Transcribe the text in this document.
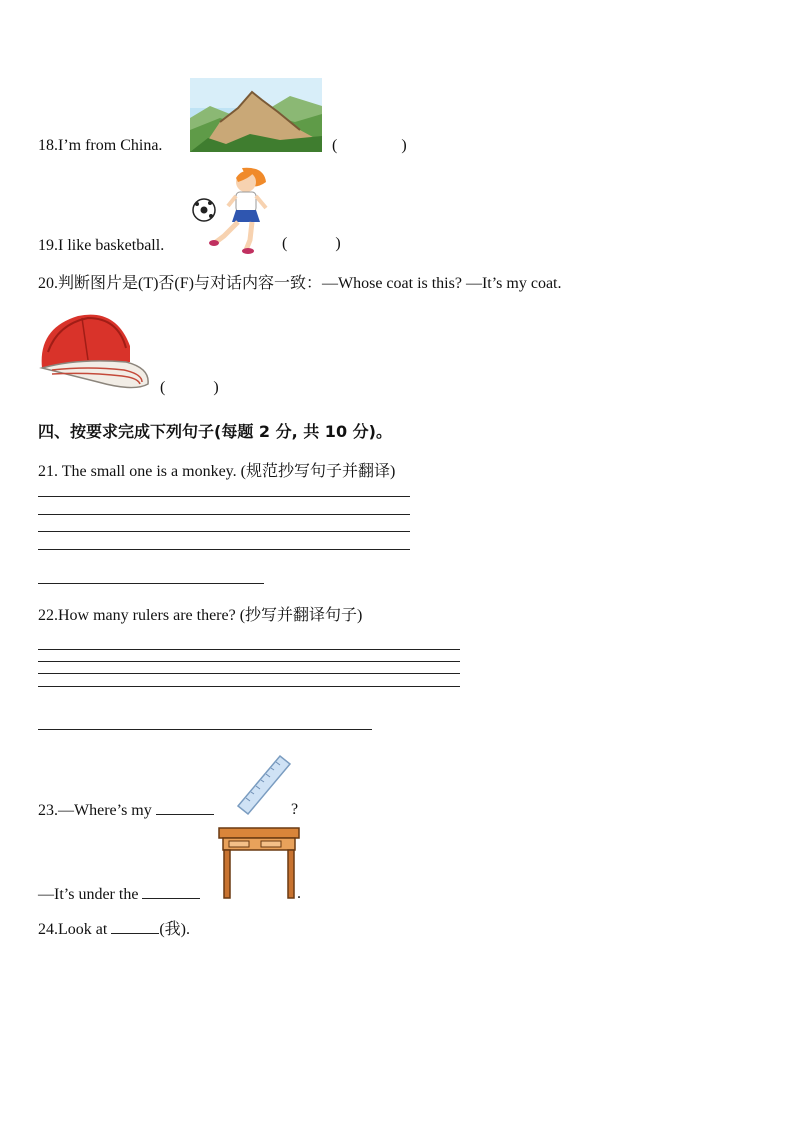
18.I’m from China.	(　　　　)
19.I like basketball.	(　　　)
20.判断图片是(T)否(F)与对话内容一致：—Whose coat is this? —It’s my coat.
(　　　)
四、按要求完成下列句子(每题 2 分, 共 10 分)。
21. The small one is a monkey. (规范抄写句子并翻译)
22.How many rulers are there? (抄写并翻译句子)
23.—Where’s my	?
—It’s under the	.
24.Look at	(我).
